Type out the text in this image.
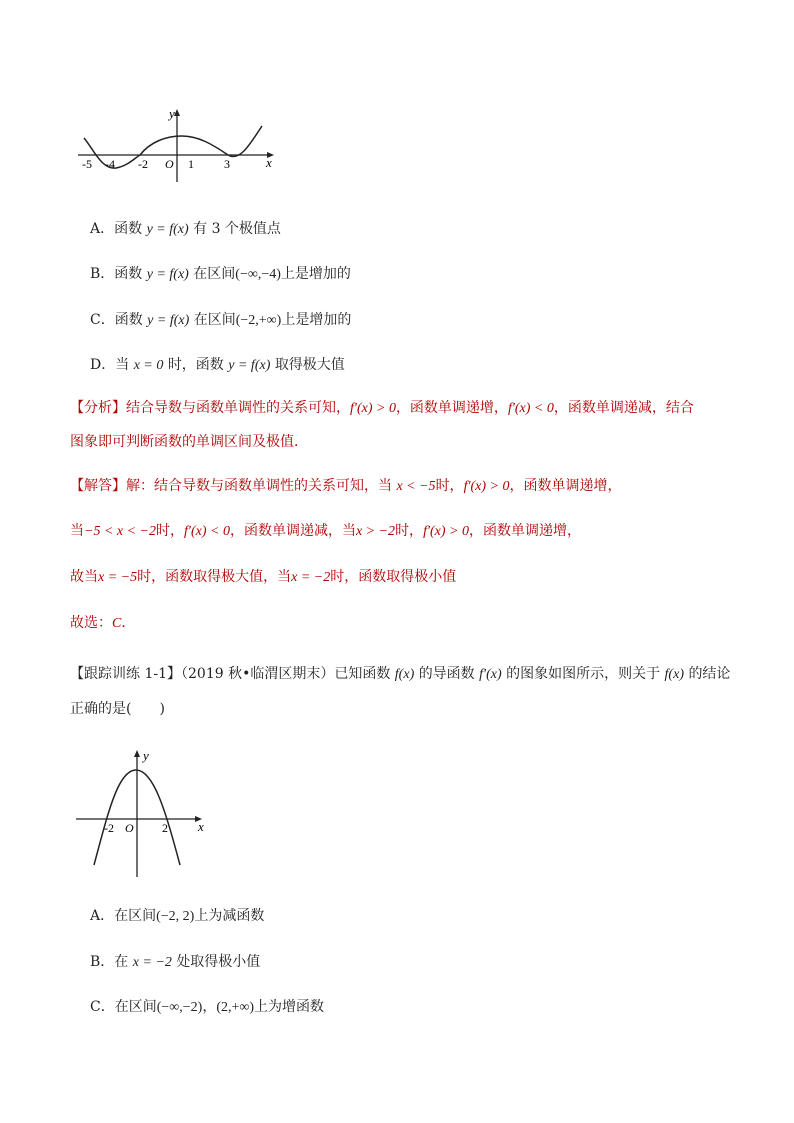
x
y
O
-5 -4 -2	1	3
A．函数 y = f(x) 有 3 个极值点
B．函数 y = f(x) 在区间(−∞,−4)上是增加的
C．函数 y = f(x) 在区间(−2,+∞)上是增加的
D．当 x = 0 时，函数 y = f(x) 取得极大值
【分析】结合导数与函数单调性的关系可知，f′(x) > 0，函数单调递增，f′(x) < 0，函数单调递减，结合
图象即可判断函数的单调区间及极值．
【解答】解：结合导数与函数单调性的关系可知，当 x < −5时，f′(x) > 0，函数单调递增，
当−5 < x < −2时，f′(x) < 0，函数单调递减，当x > −2时，f′(x) > 0，函数单调递增，
故当x = −5时，函数取得极大值，当x = −2时，函数取得极小值
故选：C．
【跟踪训练 1-1】（2019 秋•临渭区期末）已知函数 f(x) 的导函数 f′(x) 的图象如图所示，则关于 f(x) 的结论
正确的是(　　)
x
y
O
-2	2
A．在区间(−2, 2)上为减函数
B．在 x = −2 处取得极小值
C．在区间(−∞,−2)，(2,+∞)上为增函数
